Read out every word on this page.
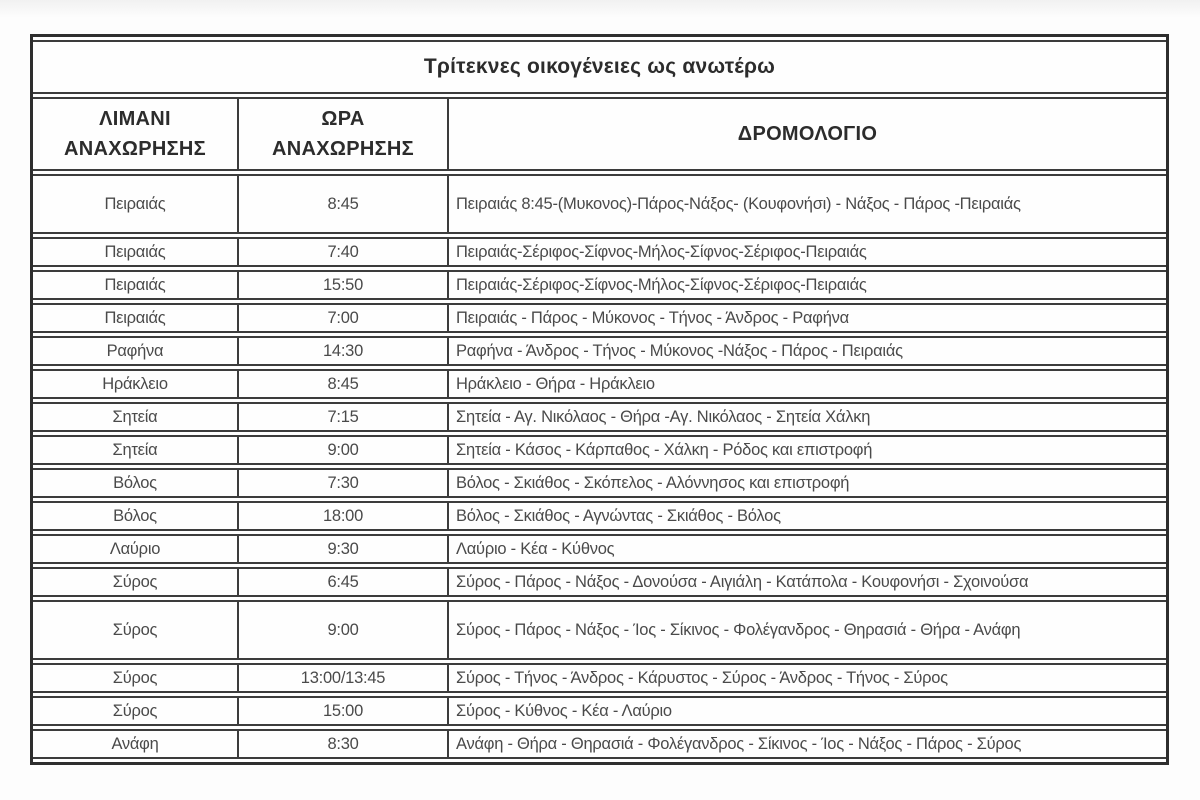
Τρίτεκνες οικογένειες ως ανωτέρω		
ΛΙΜΑΝΙ ΑΝΑΧΩΡΗΣΗΣ	ΩΡΑ ΑΝΑΧΩΡΗΣΗΣ	ΔΡΟΜΟΛΟΓΙΟ
Πειραιάς	8:45	Πειραιάς 8:45-(Μυκονος)-Πάρος-Νάξος- (Κουφονήσι) - Νάξος - Πάρος -Πειραιάς
Πειραιάς	7:40	Πειραιάς-Σέριφος-Σίφνος-Μήλος-Σίφνος-Σέριφος-Πειραιάς
Πειραιάς	15:50	Πειραιάς-Σέριφος-Σίφνος-Μήλος-Σίφνος-Σέριφος-Πειραιάς
Πειραιάς	7:00	Πειραιάς - Πάρος - Μύκονος - Τήνος - Άνδρος - Ραφήνα
Ραφήνα	14:30	Ραφήνα - Άνδρος - Τήνος - Μύκονος -Νάξος - Πάρος - Πειραιάς
Ηράκλειο	8:45	Ηράκλειο - Θήρα - Ηράκλειο
Σητεία	7:15	Σητεία - Αγ. Νικόλαος - Θήρα -Αγ. Νικόλαος - Σητεία Χάλκη
Σητεία	9:00	Σητεία - Κάσος - Κάρπαθος - Χάλκη - Ρόδος και επιστροφή
Βόλος	7:30	Βόλος - Σκιάθος - Σκόπελος - Αλόννησος και επιστροφή
Βόλος	18:00	Βόλος - Σκιάθος - Αγνώντας - Σκιάθος - Βόλος
Λαύριο	9:30	Λαύριο - Κέα - Κύθνος
Σύρος	6:45	Σύρος - Πάρος - Νάξος - Δονούσα - Αιγιάλη - Κατάπολα - Κουφονήσι - Σχοινούσα
Σύρος	9:00	Σύρος - Πάρος - Νάξος - Ίος - Σίκινος - Φολέγανδρος - Θηρασιά - Θήρα - Ανάφη
Σύρος	13:00/13:45	Σύρος - Τήνος - Άνδρος - Κάρυστος - Σύρος - Άνδρος - Τήνος - Σύρος
Σύρος	15:00	Σύρος - Κύθνος - Κέα - Λαύριο
Ανάφη	8:30	Ανάφη - Θήρα - Θηρασιά - Φολέγανδρος - Σίκινος - Ίος - Νάξος - Πάρος - Σύρος
